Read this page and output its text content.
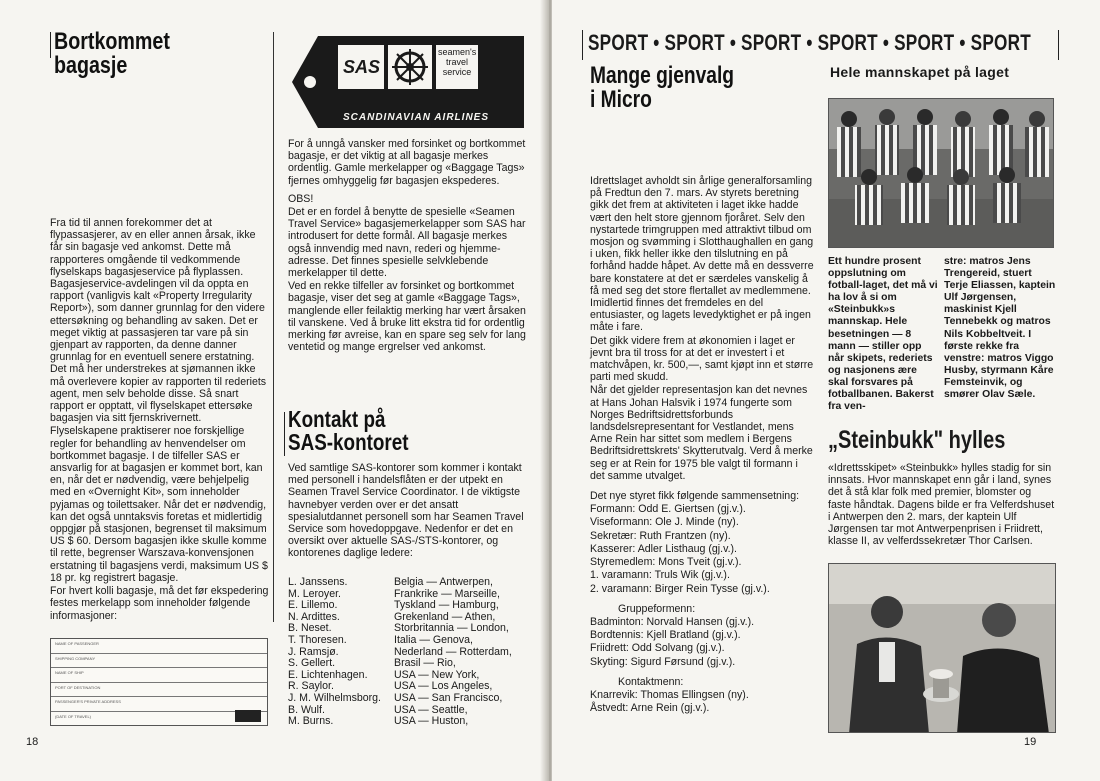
Bortkommet
bagasje

Fra tid til annen forekommer det at flypassasjerer, av en eller annen årsak, ikke får sin bagasje ved ankomst. Dette må rapporteres omgående til vedkommende flyselskaps bagasjeservice på flyplassen. Bagasjeservice-avdelingen vil da oppta en rapport (vanligvis kalt «Property Irregularity Report»), som danner grunnlag for den videre ettersøkning og behandling av saken. Det er meget viktig at passasjeren tar vare på sin gjenpart av rapporten, da denne danner grunnlag for en eventuell senere erstatning. Det må her understrekes at sjømannen ikke må overlevere kopier av rapporten til rederiets agent, men selv beholde disse. Så snart rapport er opptatt, vil flyselskapet ettersøke bagasjen via sitt fjernskrivernett.

Flyselskapene praktiserer noe forskjellige regler for behandling av henvendelser om bortkommet bagasje. I de tilfeller SAS er ansvarlig for at bagasjen er kommet bort, kan en, når det er nødvendig, være behjelpelig med en «Overnight Kit», som inneholder pyjamas og toilettsaker. Når det er nødvendig, kan det også unntaksvis foretas et midlertidig oppgjør på stasjonen, begrenset til maksimum US $ 60. Dersom bagasjen ikke skulle komme til rette, begrenser Warszava-konvensjonen erstatning til bagasjens verdi, maksimum US $ 18 pr. kg registrert bagasje.

For hvert kolli bagasje, må det før ekspedering festes merkelapp som inneholder følgende informasjoner:

NAME OF PASSENGER
SHIPPING COMPANY
NAME OF SHIP
PORT OF DESTINATION
PASSENGER'S PRIVATE ADDRESS
(DATE OF TRAVEL)
SAS
seamen's
travel
service
SCANDINAVIAN AIRLINES

For å unngå vansker med forsinket og bortkommet bagasje, er det viktig at all bagasje merkes ordentlig. Gamle merkelapper og «Baggage Tags» fjernes omhyggelig før bagasjen ekspederes.

OBS!

Det er en fordel å benytte de spesielle «Seamen Travel Service» bagasjemerkelapper som SAS har introdusert for dette formål. All bagasje merkes også innvendig med navn, rederi og hjemme-adresse. Det finnes spesielle selvklebende merkelapper til dette.

Ved en rekke tilfeller av forsinket og bortkommet bagasje, viser det seg at gamle «Baggage Tags», manglende eller feilaktig merking har vært årsaken til vanskene. Ved å bruke litt ekstra tid for ordentlig merking før avreise, kan en spare seg selv for lang ventetid og mange ergrelser ved ankomst.

Kontakt på
SAS-kontoret

Ved samtlige SAS-kontorer som kommer i kontakt med personell i handelsflåten er der utpekt en Seamen Travel Service Coordinator. I de viktigste havnebyer verden over er det ansatt spesialutdannet personell som har Seamen Travel Service som hovedoppgave. Nedenfor er det en oversikt over aktuelle SAS-/STS-kontorer, og kontorenes daglige ledere:

L. Janssens.	Belgia — Antwerpen,
M. Leroyer.	Frankrike — Marseille,
E. Lillemo.	Tyskland — Hamburg,
N. Ardittes.	Grekenland — Athen,
B. Neset.	Storbritannia — London,
T. Thoresen.	Italia — Genova,
J. Ramsjø.	Nederland — Rotterdam,
S. Gellert.	Brasil — Rio,
E. Lichtenhagen.	USA — New York,
R. Saylor.	USA — Los Angeles,
J. M. Wilhelmsborg.	USA — San Francisco,
B. Wulf.	USA — Seattle,
M. Burns.	USA — Huston,
18
SPORT • SPORT • SPORT • SPORT • SPORT • SPORT
Mange gjenvalg
i Micro

Idrettslaget avholdt sin årlige generalforsamling på Fredtun den 7. mars. Av styrets beretning gikk det frem at aktiviteten i laget ikke hadde vært den helt store gjennom fjoråret. Selv den nystartede trimgruppen med attraktivt tilbud om mosjon og svømming i Slotthaughallen en gang i uken, fikk heller ikke den tilslutning en på forhånd hadde håpet. Av dette må en dessverre bare konstatere at det er særdeles vanskelig å få med seg det store flertallet av medlemmene. Imidlertid finnes det fremdeles en del entusiaster, og lagets levedyktighet er på ingen måte i fare.

Det gikk videre frem at økonomien i laget er jevnt bra til tross for at det er investert i et matchvåpen, kr. 500,—, samt kjøpt inn et større parti med skudd.

Når det gjelder representasjon kan det nevnes at Hans Johan Halsvik i 1974 fungerte som Norges Bedriftsidrettsforbunds landsdelsrepresentant for Vestlandet, mens Arne Rein har sittet som medlem i Bergens Bedriftsidrettskrets' Skytterutvalg. Verd å merke seg er at Rein for 1975 ble valgt til formann i det samme utvalget.

Det nye styret fikk følgende sammensetning:

Formann: Odd E. Giertsen (gj.v.).

Viseformann: Ole J. Minde (ny).

Sekretær: Ruth Frantzen (ny).

Kasserer: Adler Listhaug (gj.v.).

Styremedlem: Mons Tveit (gj.v.).

1. varamann: Truls Wik (gj.v.).

2. varamann: Birger Rein Tysse (gj.v.).

Gruppeformenn:

Badminton: Norvald Hansen (gj.v.).

Bordtennis: Kjell Bratland (gj.v.).

Friidrett: Odd Solvang (gj.v.).

Skyting: Sigurd Førsund (gj.v.).

Kontaktmenn:

Knarrevik: Thomas Ellingsen (ny).

Åstvedt: Arne Rein (gj.v.).

Hele mannskapet på laget

Ett hundre prosent oppslutning om fotball-laget, det må vi ha lov å si om «Steinbukk»s mannskap. Hele besetningen — 8 mann — stiller opp når skipets, rederiets og nasjonens ære skal forsvares på fotballbanen. Bakerst fra ven-

stre: matros Jens Trengereid, stuert Terje Eliassen, kaptein Ulf Jørgensen, maskinist Kjell Tennebekk og matros Nils Kobbeltveit. I første rekke fra venstre: matros Viggo Husby, styrmann Kåre Femsteinvik, og smører Olav Sæle.

„Steinbukk" hylles

«Idrettsskipet» «Steinbukk» hylles stadig for sin innsats. Hvor mannskapet enn går i land, synes det å stå klar folk med premier, blomster og faste håndtak. Dagens bilde er fra Velferdshuset i Antwerpen den 2. mars, der kaptein Ulf Jørgensen tar mot Antwerpenprisen i Friidrett, klasse II, av velferdssekretær Thor Carlsen.

19
